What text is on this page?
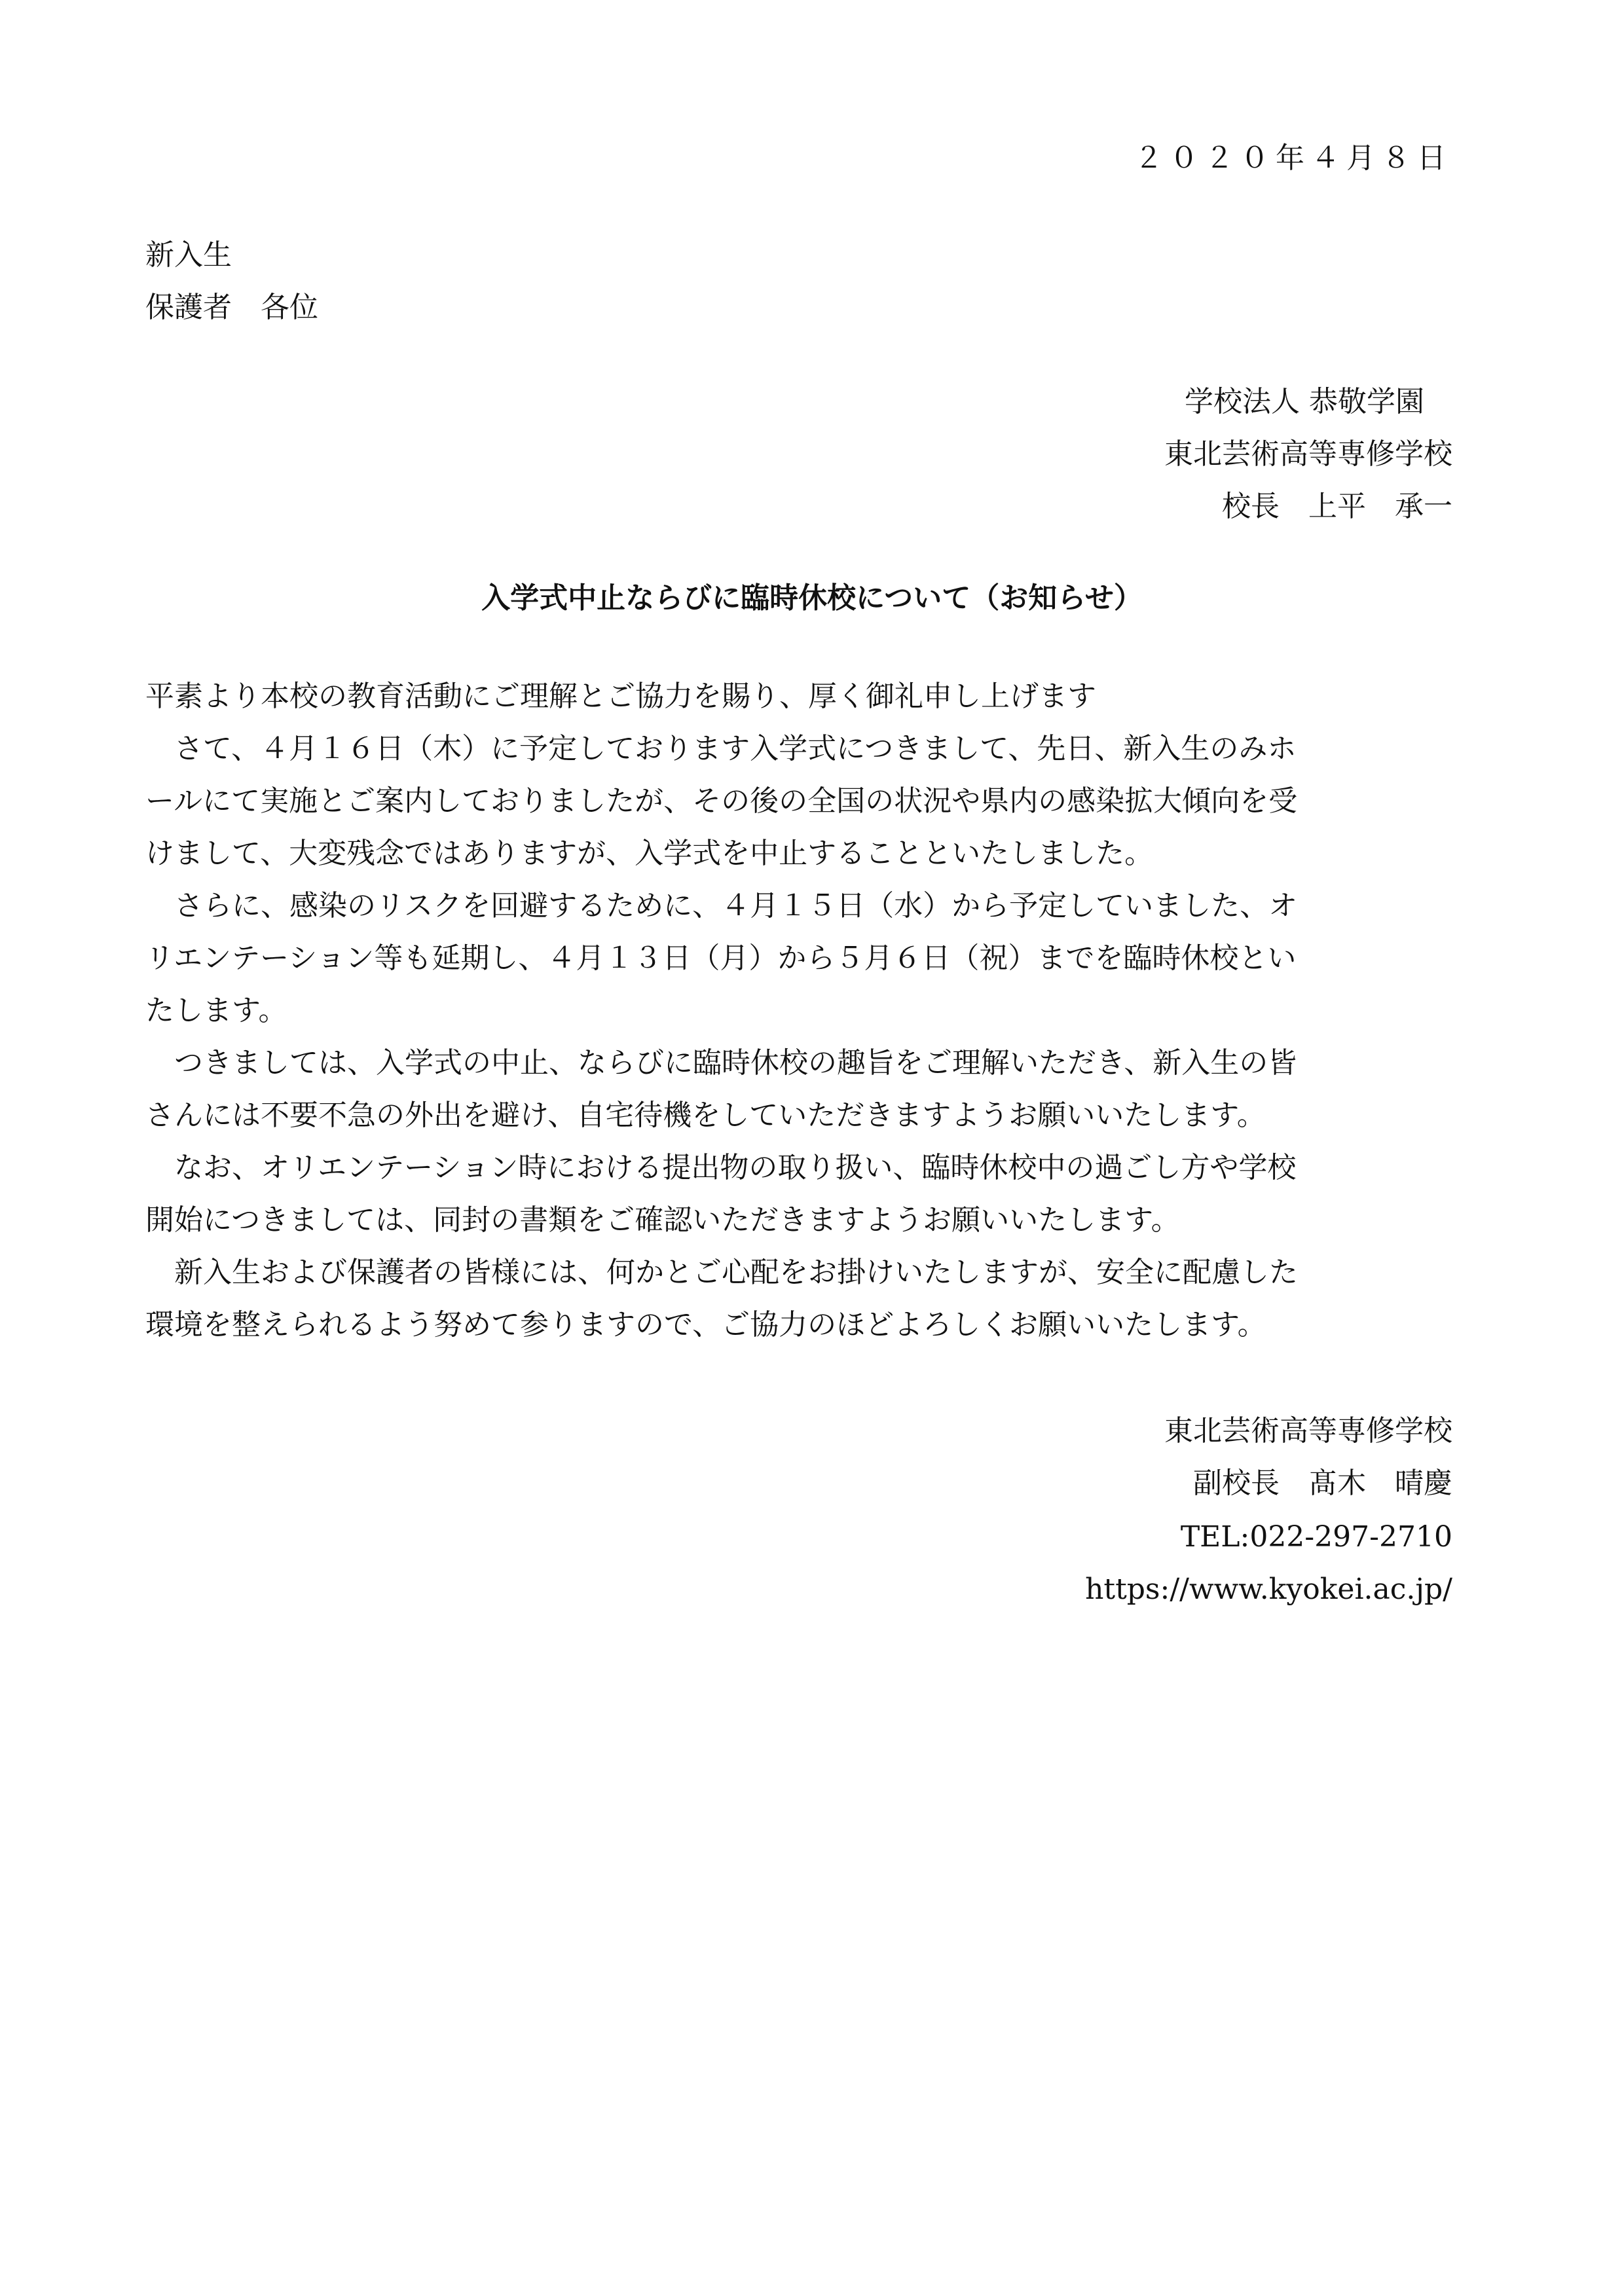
２０２０年４月８日
新入生
保護者　各位
学校法人 恭敬学園
東北芸術高等専修学校
校長　上平　承一
入学式中止ならびに臨時休校について（お知らせ）
平素より本校の教育活動にご理解とご協力を賜り、厚く御礼申し上げます
　さて、４月１６日（木）に予定しております入学式につきまして、先日、新入生のみホ
ールにて実施とご案内しておりましたが、その後の全国の状況や県内の感染拡大傾向を受
けまして、大変残念ではありますが、入学式を中止することといたしました。
　さらに、感染のリスクを回避するために、４月１５日（水）から予定していました、オ
リエンテーション等も延期し、４月１３日（月）から５月６日（祝）までを臨時休校とい
たします。
　つきましては、入学式の中止、ならびに臨時休校の趣旨をご理解いただき、新入生の皆
さんには不要不急の外出を避け、自宅待機をしていただきますようお願いいたします。
　なお、オリエンテーション時における提出物の取り扱い、臨時休校中の過ごし方や学校
開始につきましては、同封の書類をご確認いただきますようお願いいたします。
　新入生および保護者の皆様には、何かとご心配をお掛けいたしますが、安全に配慮した
環境を整えられるよう努めて参りますので、ご協力のほどよろしくお願いいたします。
東北芸術高等専修学校
副校長　髙木　晴慶
TEL:022-297-2710
https://www.kyokei.ac.jp/
